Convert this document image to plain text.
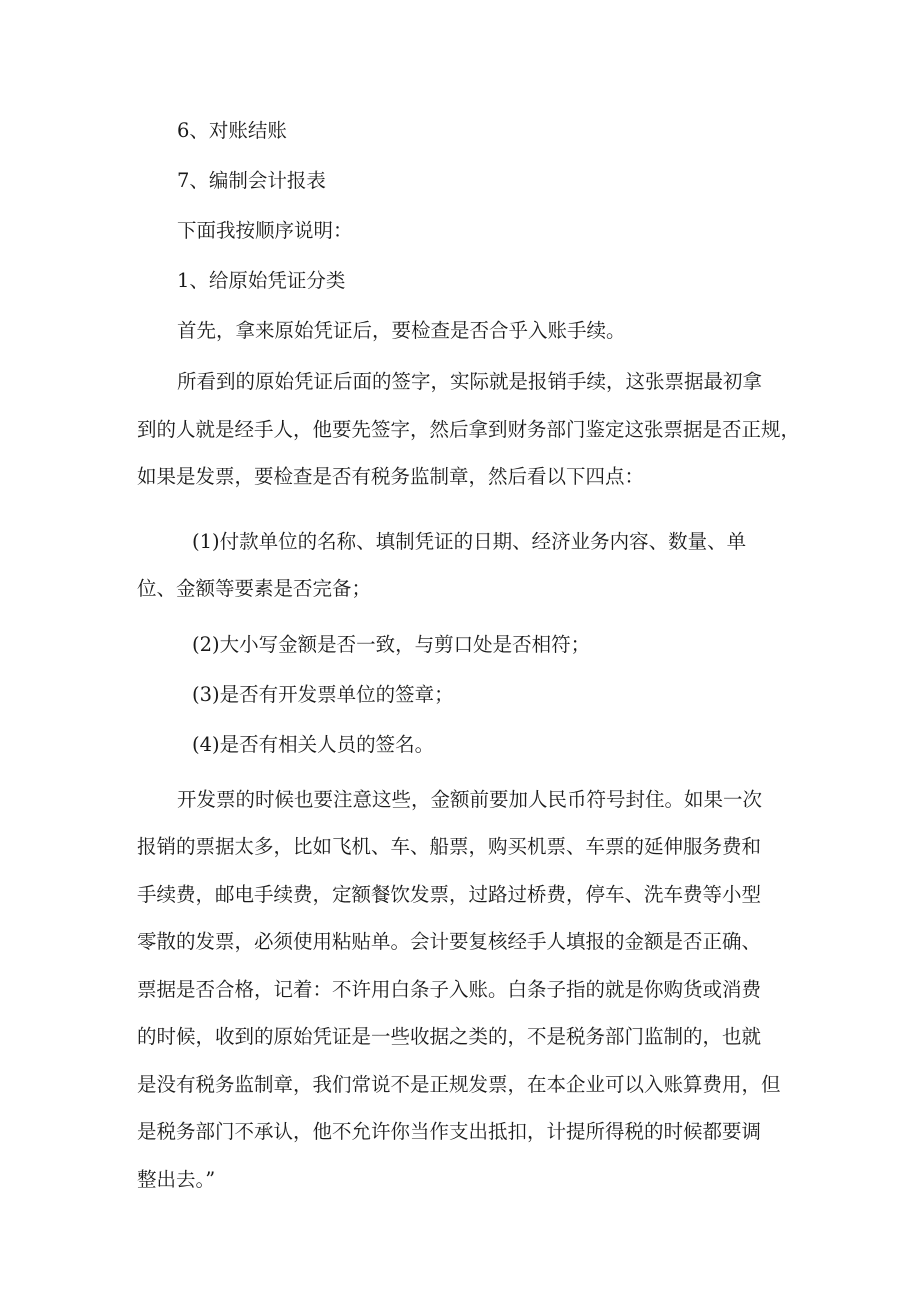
6、对账结账

7、编制会计报表

下面我按顺序说明：

1、给原始凭证分类

首先，拿来原始凭证后，要检查是否合乎入账手续。

所看到的原始凭证后面的签字，实际就是报销手续，这张票据最初拿
到的人就是经手人，他要先签字，然后拿到财务部门鉴定这张票据是否正规，
如果是发票，要检查是否有税务监制章，然后看以下四点：
(1)付款单位的名称、填制凭证的日期、经济业务内容、数量、单
位、金额等要素是否完备；

(2)大小写金额是否一致，与剪口处是否相符；

(3)是否有开发票单位的签章；

(4)是否有相关人员的签名。

开发票的时候也要注意这些，金额前要加人民币符号封住。如果一次
报销的票据太多，比如飞机、车、船票，购买机票、车票的延伸服务费和
手续费，邮电手续费，定额餐饮发票，过路过桥费，停车、洗车费等小型
零散的发票，必须使用粘贴单。会计要复核经手人填报的金额是否正确、
票据是否合格，记着：不许用白条子入账。白条子指的就是你购货或消费
的时候，收到的原始凭证是一些收据之类的，不是税务部门监制的，也就
是没有税务监制章，我们常说不是正规发票，在本企业可以入账算费用，但
是税务部门不承认，他不允许你当作支出抵扣，计提所得税的时候都要调
整出去。”
